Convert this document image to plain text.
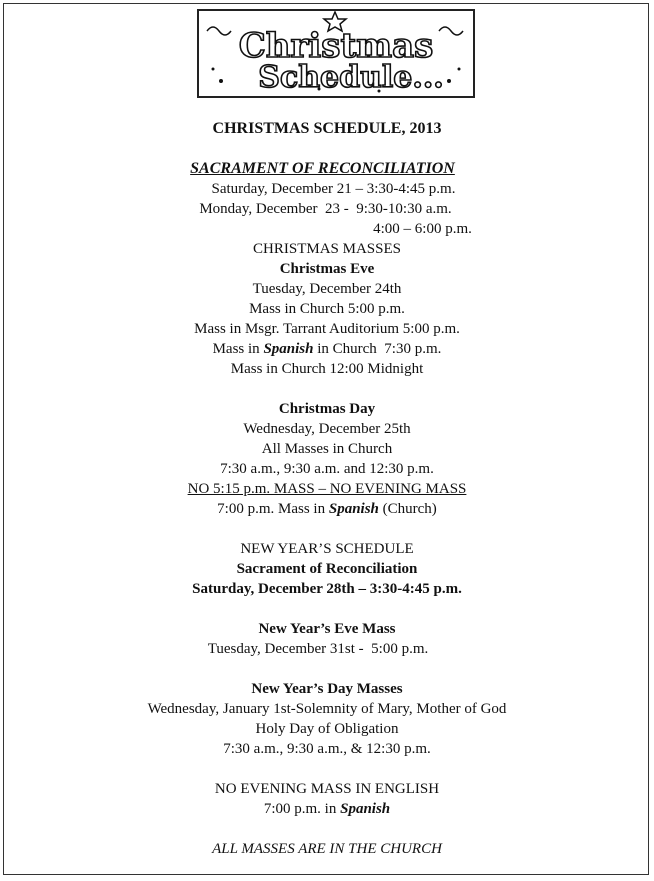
Christmas
Schedule...
CHRISTMAS SCHEDULE, 2013

SACRAMENT OF RECONCILIATION

Saturday, December 21 – 3:30-4:45 p.m.

Monday, December  23 -  9:30-10:30 a.m.

4:00 – 6:00 p.m.

CHRISTMAS MASSES
Christmas Eve
Tuesday, December 24th
Mass in Church 5:00 p.m.
Mass in Msgr. Tarrant Auditorium 5:00 p.m.
Mass in Spanish in Church  7:30 p.m.
Mass in Church 12:00 Midnight
Christmas Day
Wednesday, December 25th
All Masses in Church
7:30 a.m., 9:30 a.m. and 12:30 p.m.
NO 5:15 p.m. MASS – NO EVENING MASS
7:00 p.m. Mass in Spanish (Church)
NEW YEAR’S SCHEDULE
Sacrament of Reconciliation
Saturday, December 28th – 3:30-4:45 p.m.
New Year’s Eve Mass
Tuesday, December 31st -  5:00 p.m.
New Year’s Day Masses
Wednesday, January 1st-Solemnity of Mary, Mother of God
Holy Day of Obligation
7:30 a.m., 9:30 a.m., & 12:30 p.m.
NO EVENING MASS IN ENGLISH
7:00 p.m. in Spanish
ALL MASSES ARE IN THE CHURCH
